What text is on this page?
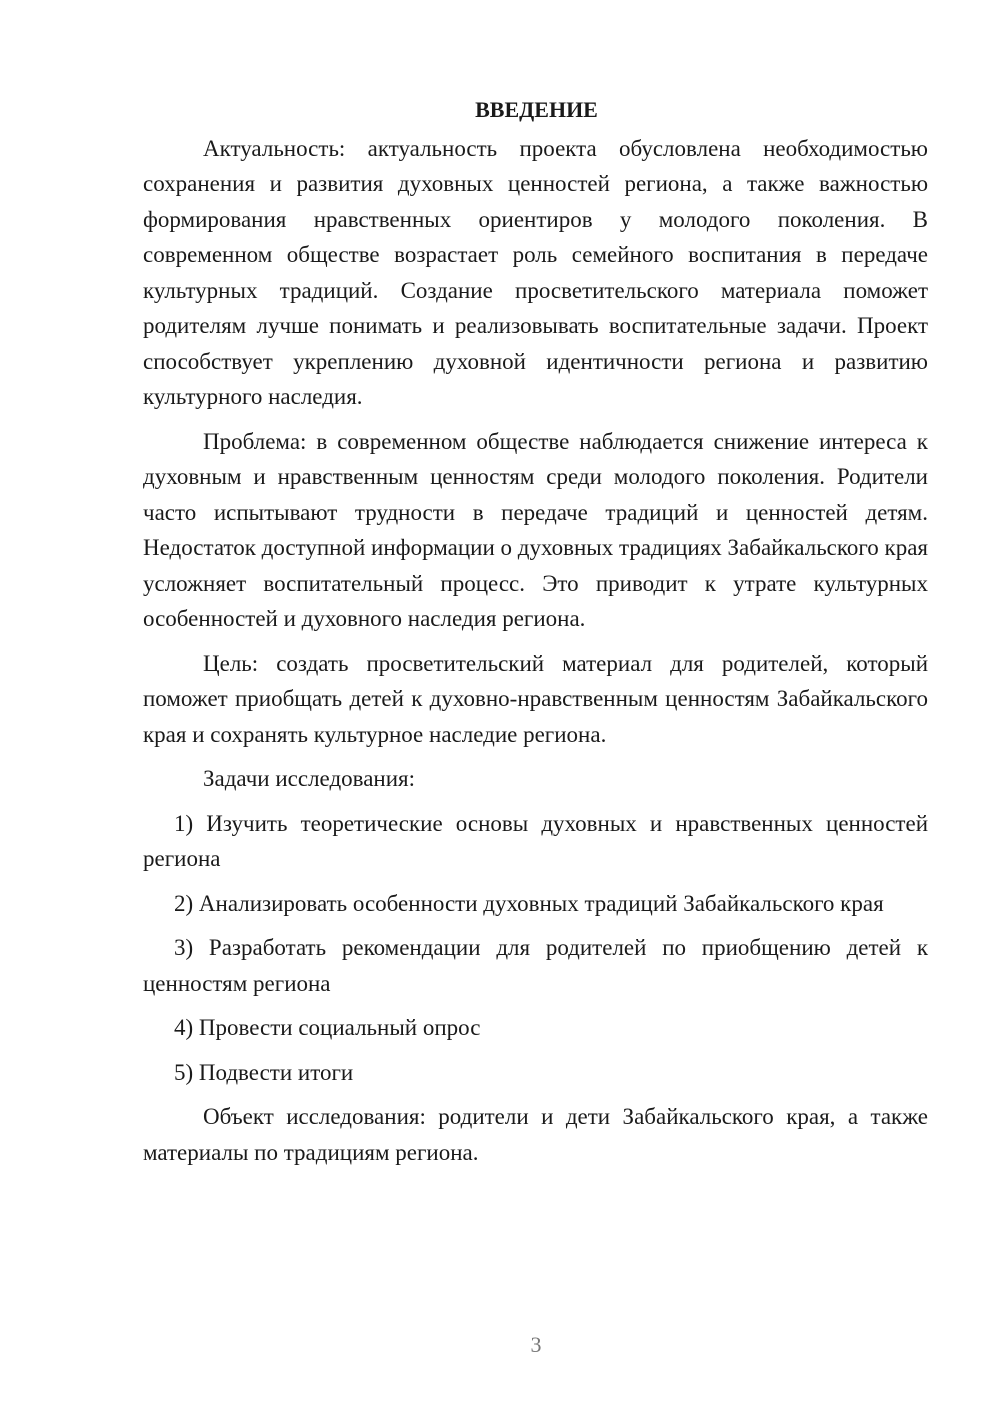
ВВЕДЕНИЕ

Актуальность: актуальность проекта обусловлена необходимостью сохранения и развития духовных ценностей региона, а также важностью формирования нравственных ориентиров у молодого поколения. В современном обществе возрастает роль семейного воспитания в передаче культурных традиций. Создание просветительского материала поможет родителям лучше понимать и реализовывать воспитательные задачи. Проект способствует укреплению духовной идентичности региона и развитию культурного наследия.

Проблема: в современном обществе наблюдается снижение интереса к духовным и нравственным ценностям среди молодого поколения. Родители часто испытывают трудности в передаче традиций и ценностей детям. Недостаток доступной информации о духовных традициях Забайкальского края усложняет воспитательный процесс. Это приводит к утрате культурных особенностей и духовного наследия региона.

Цель: создать просветительский материал для родителей, который поможет приобщать детей к духовно-нравственным ценностям Забайкальского края и сохранять культурное наследие региона.

Задачи исследования:

1) Изучить теоретические основы духовных и нравственных ценностей региона

2) Анализировать особенности духовных традиций Забайкальского края

3) Разработать рекомендации для родителей по приобщению детей к ценностям региона

4) Провести социальный опрос

5) Подвести итоги

Объект исследования: родители и дети Забайкальского края, а также материалы по традициям региона.

3
